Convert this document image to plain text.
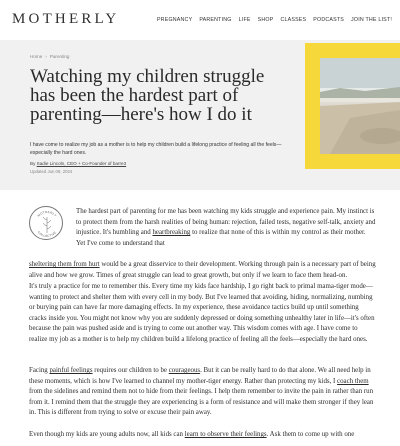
MOTHERLY	PREGNANCY PARENTING LIFE SHOP CLASSES PODCASTS JOIN THE LIST!
Home › Parenting
Watching my children struggle has been the hardest part of parenting—here's how I do it

I have come to realize my job as a mother is to help my children build a lifelong practice of feeling all the feels—especially the hard ones.

By Sadie Lincoln, CEO + Co-Founder of barre3
Updated Jun 08, 2024
MOTHERLY
COLLECTIVE

The hardest part of parenting for me has been watching my kids struggle and experience pain. My instinct is to protect them from the harsh realities of being human: rejection, failed tests, negative self-talk, anxiety and injustice. It's humbling and heartbreaking to realize that none of this is within my control as their mother. Yet I've come to understand that

sheltering them from hurt would be a great disservice to their development. Working through pain is a necessary part of being alive and how we grow. Times of great struggle can lead to great growth, but only if we learn to face them head-on.

It's truly a practice for me to remember this. Every time my kids face hardship, I go right back to primal mama-tiger mode—wanting to protect and shelter them with every cell in my body. But I've learned that avoiding, hiding, normalizing, numbing or burying pain can have far more damaging effects. In my experience, these avoidance tactics build up until something cracks inside you. You might not know why you are suddenly depressed or doing something unhealthy later in life—it's often because the pain was pushed aside and is trying to come out another way. This wisdom comes with age. I have come to realize my job as a mother is to help my children build a lifelong practice of feeling all the feels—especially the hard ones.

Facing painful feelings requires our children to be courageous. But it can be really hard to do that alone. We all need help in these moments, which is how I've learned to channel my mother-tiger energy. Rather than protecting my kids, I coach them from the sidelines and remind them not to hide from their feelings. I help them remember to invite the pain in rather than run from it. I remind them that the struggle they are experiencing is a form of resistance and will make them stronger if they lean in. This is different from trying to solve or excuse their pain away.

Even though my kids are young adults now, all kids can learn to observe their feelings. Ask them to come up with one
